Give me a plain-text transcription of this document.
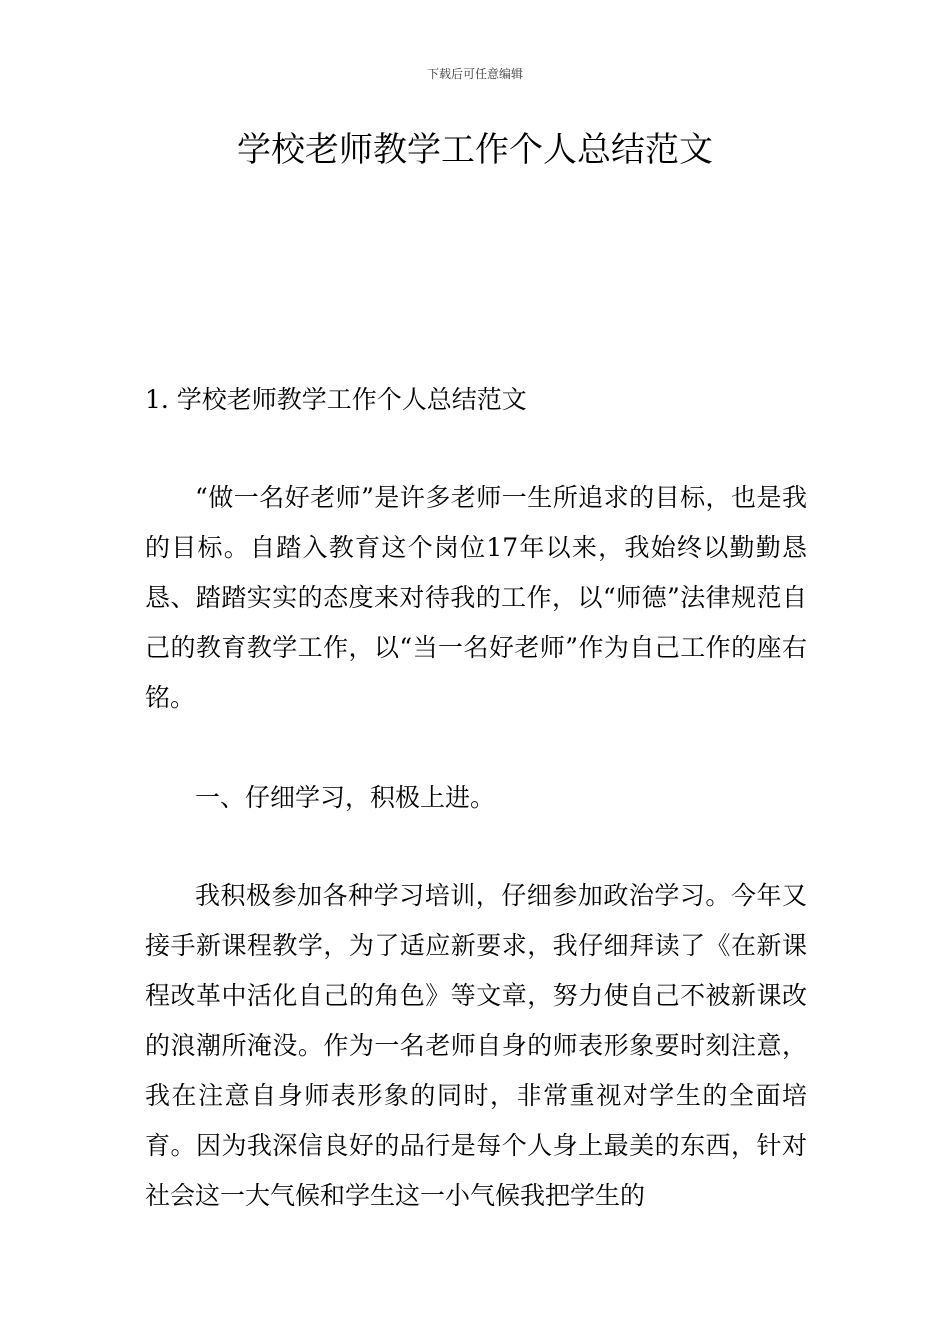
下载后可任意编辑
学校老师教学工作个人总结范文

1. 学校老师教学工作个人总结范文

“做一名好老师”是许多老师一生所追求的目标，也是我的目标。自踏入教育这个岗位17年以来，我始终以勤勤恳恳、踏踏实实的态度来对待我的工作，以“师德”法律规范自己的教育教学工作，以“当一名好老师”作为自己工作的座右铭。

一、仔细学习，积极上进。

我积极参加各种学习培训，仔细参加政治学习。今年又接手新课程教学，为了适应新要求，我仔细拜读了《在新课程改革中活化自己的角色》等文章，努力使自己不被新课改的浪潮所淹没。作为一名老师自身的师表形象要时刻注意，我在注意自身师表形象的同时，非常重视对学生的全面培育。因为我深信良好的品行是每个人身上最美的东西，针对社会这一大气候和学生这一小气候我把学生的
